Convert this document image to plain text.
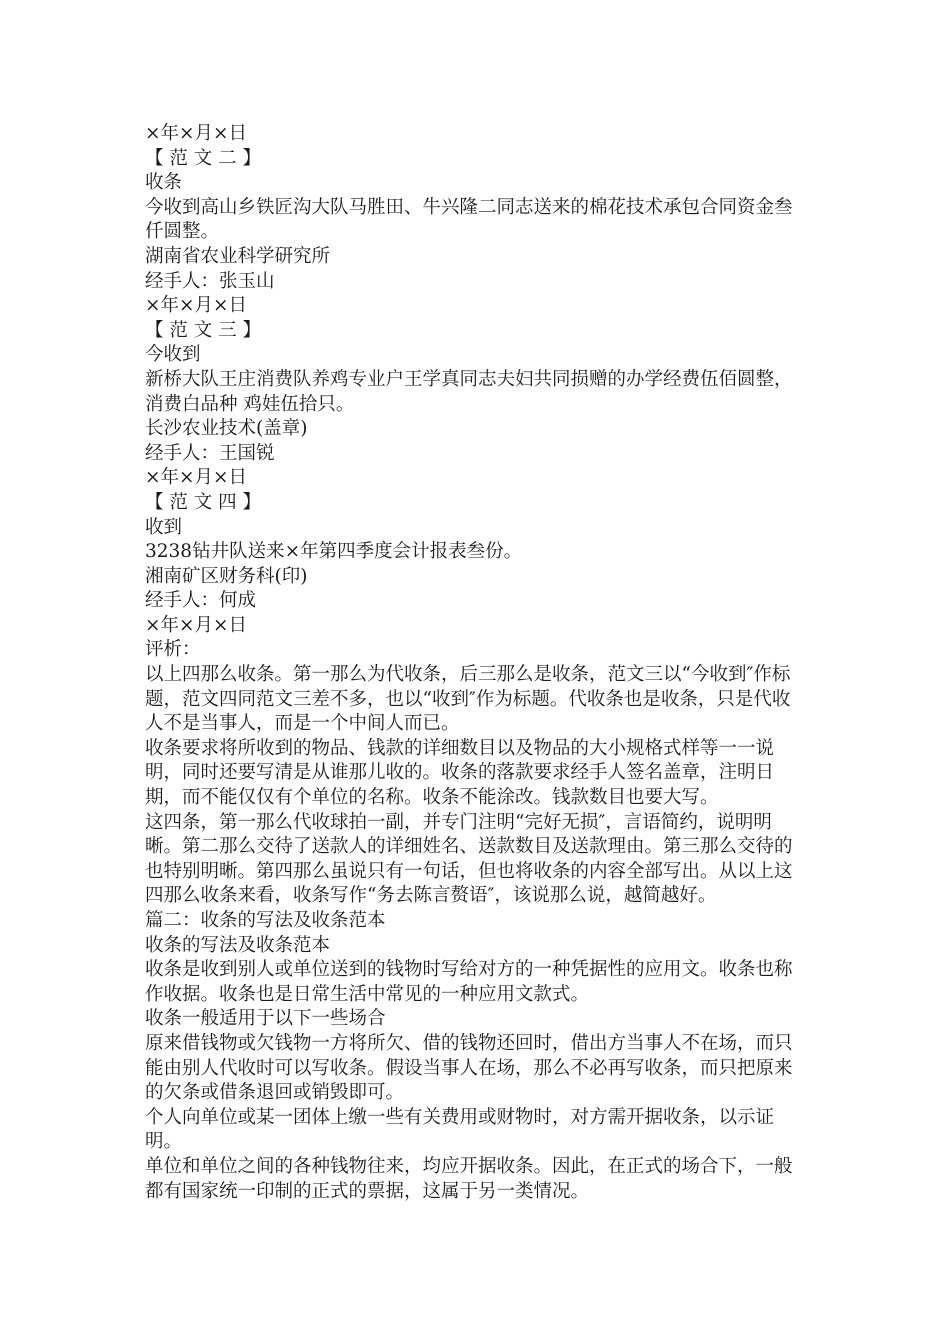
×年×月×日

【 范 文 二 】

收条

今收到高山乡铁匠沟大队马胜田、牛兴隆二同志送来的棉花技术承包合同资金叁仟圆整。

湖南省农业科学研究所

经手人：张玉山

×年×月×日

【 范 文 三 】

今收到

新桥大队王庄消费队养鸡专业户王学真同志夫妇共同损赠的办学经费伍佰圆整，消费白品种 鸡娃伍拾只。

长沙农业技术(盖章)

经手人：王国锐

×年×月×日

【 范 文 四 】

收到

3238钻井队送来×年第四季度会计报表叁份。

湘南矿区财务科(印)

经手人：何成

×年×月×日

评析：

以上四那么收条。第一那么为代收条，后三那么是收条，范文三以“今收到″作标题，范文四同范文三差不多，也以“收到″作为标题。代收条也是收条，只是代收人不是当事人，而是一个中间人而已。

收条要求将所收到的物品、钱款的详细数目以及物品的大小规格式样等一一说明，同时还要写清是从谁那儿收的。收条的落款要求经手人签名盖章，注明日期，而不能仅仅有个单位的名称。收条不能涂改。钱款数目也要大写。

这四条，第一那么代收球拍一副，并专门注明“完好无损″，言语简约，说明明晰。第二那么交待了送款人的详细姓名、送款数目及送款理由。第三那么交待的也特别明晰。第四那么虽说只有一句话，但也将收条的内容全部写出。从以上这四那么收条来看，收条写作“务去陈言赘语″，该说那么说，越简越好。

篇二：收条的写法及收条范本

收条的写法及收条范本

收条是收到别人或单位送到的钱物时写给对方的一种凭据性的应用文。收条也称作收据。收条也是日常生活中常见的一种应用文款式。

收条一般适用于以下一些场合

原来借钱物或欠钱物一方将所欠、借的钱物还回时，借出方当事人不在场，而只能由别人代收时可以写收条。假设当事人在场，那么不必再写收条，而只把原来的欠条或借条退回或销毁即可。

个人向单位或某一团体上缴一些有关费用或财物时，对方需开据收条，以示证明。

单位和单位之间的各种钱物往来，均应开据收条。因此，在正式的场合下，一般都有国家统一印制的正式的票据，这属于另一类情况。
